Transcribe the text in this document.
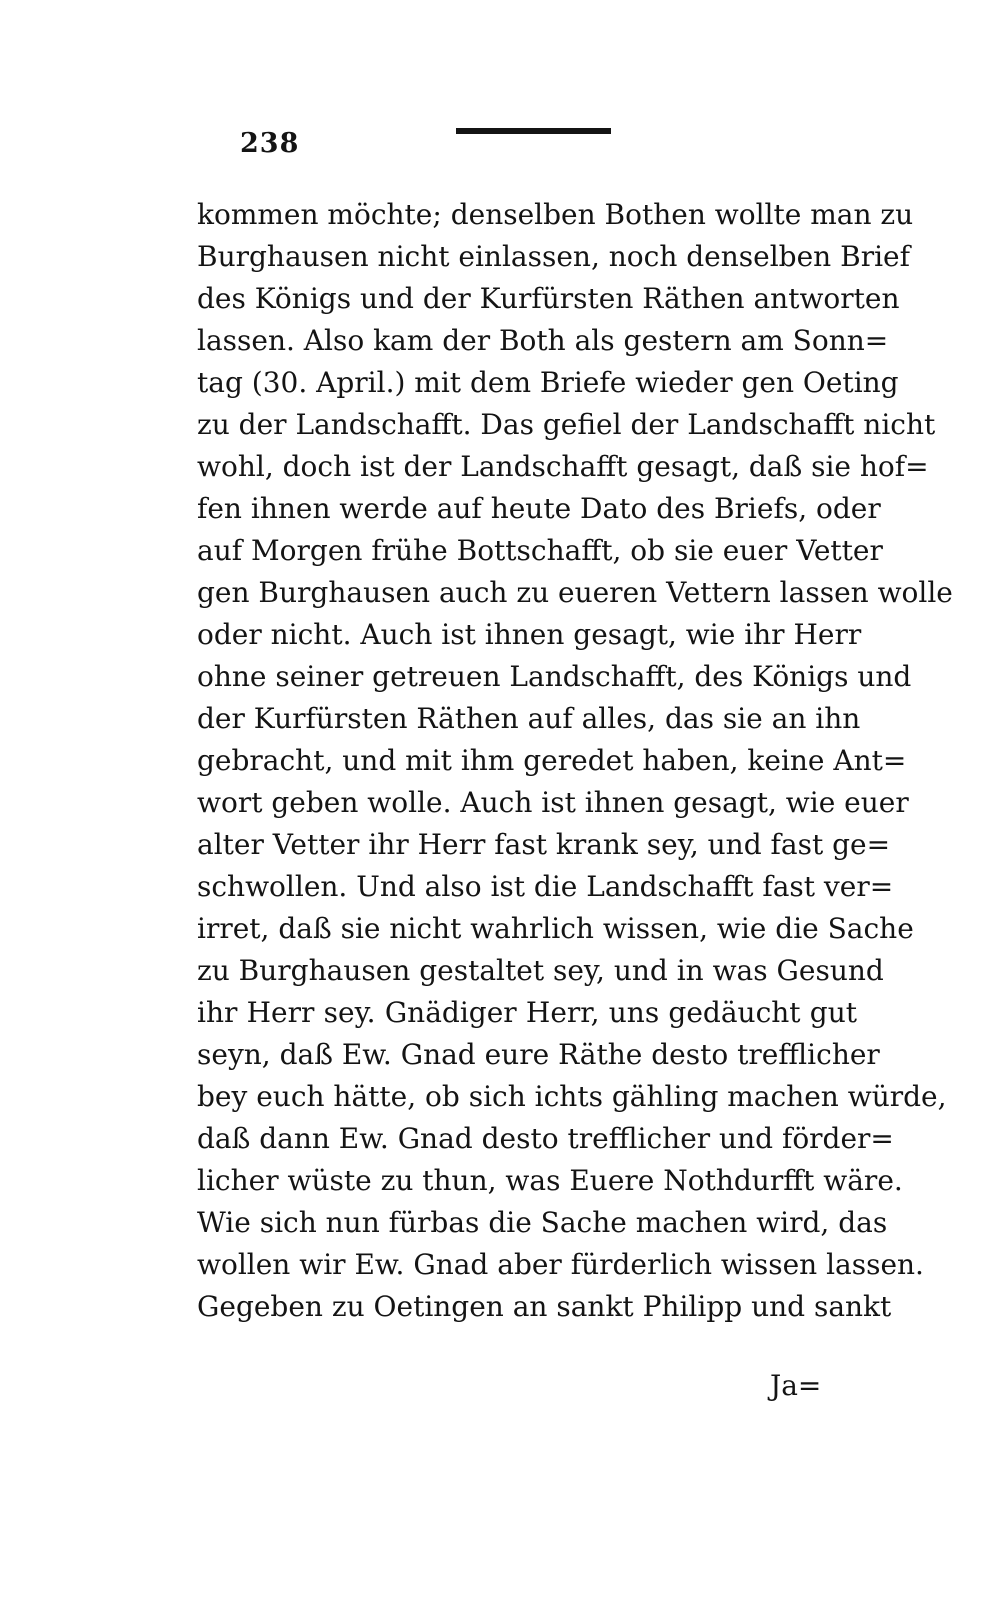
238
kommen möchte; denselben Bothen wollte man zu
Burghausen nicht einlassen, noch denselben Brief
des Königs und der Kurfürsten Räthen antworten
lassen. Also kam der Both als gestern am Sonn=
tag (30. April.) mit dem Briefe wieder gen Oeting
zu der Landschafft. Das gefiel der Landschafft nicht
wohl, doch ist der Landschafft gesagt, daß sie hof=
fen ihnen werde auf heute Dato des Briefs, oder
auf Morgen frühe Bottschafft, ob sie euer Vetter
gen Burghausen auch zu eueren Vettern lassen wolle
oder nicht. Auch ist ihnen gesagt, wie ihr Herr
ohne seiner getreuen Landschafft, des Königs und
der Kurfürsten Räthen auf alles, das sie an ihn
gebracht, und mit ihm geredet haben, keine Ant=
wort geben wolle. Auch ist ihnen gesagt, wie euer
alter Vetter ihr Herr fast krank sey, und fast ge=
schwollen. Und also ist die Landschafft fast ver=
irret, daß sie nicht wahrlich wissen, wie die Sache
zu Burghausen gestaltet sey, und in was Gesund
ihr Herr sey. Gnädiger Herr, uns gedäucht gut
seyn, daß Ew. Gnad eure Räthe desto trefflicher
bey euch hätte, ob sich ichts gähling machen würde,
daß dann Ew. Gnad desto trefflicher und förder=
licher wüste zu thun, was Euere Nothdurfft wäre.
Wie sich nun fürbas die Sache machen wird, das
wollen wir Ew. Gnad aber fürderlich wissen lassen.
Gegeben zu Oetingen an sankt Philipp und sankt
Ja=
